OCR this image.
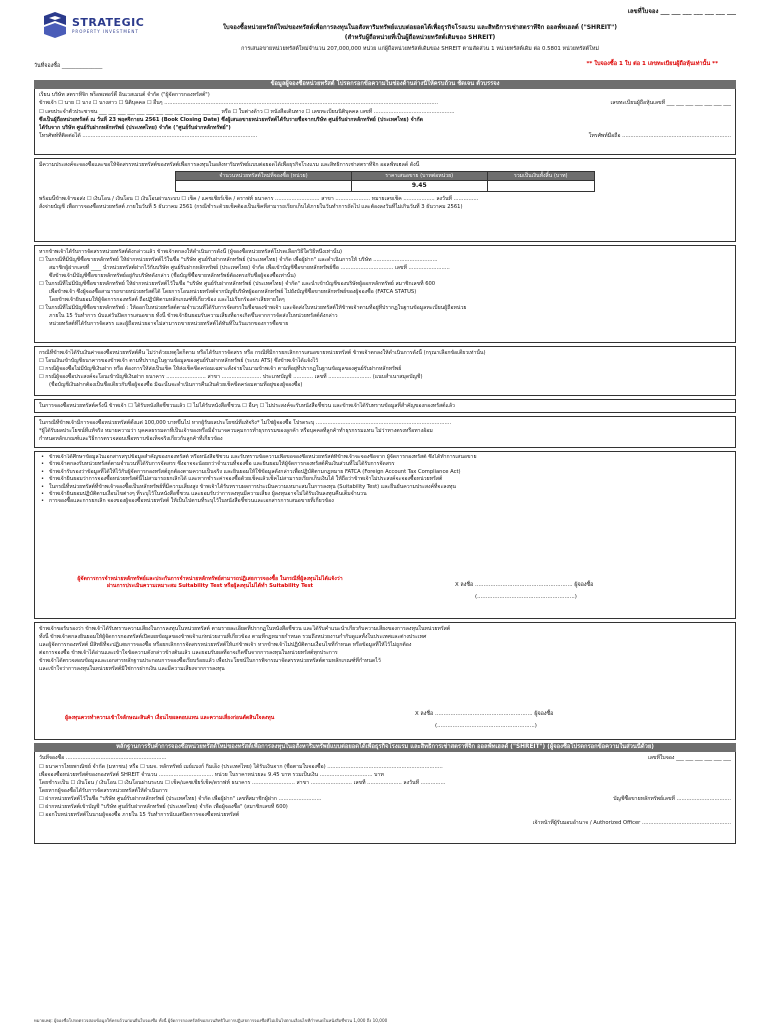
STRATEGIC
PROPERTY INVESTMENT
เลขที่ใบจอง ___ ___ ___ ___ ___ ___ ___
ใบจองซื้อหน่วยทรัสต์ใหม่ของทรัสต์เพื่อการลงทุนในอสังหาริมทรัพย์แบบต่อยอดได้เพื่อธุรกิจโรงแรม และสิทธิการเช่าสตราทีจิก ออลฟ์ทเฮลด์ ("SHREIT")
(สำหรับผู้ถือหน่วยที่เป็นผู้ถือหน่วยทรัสต์เดิมของ SHREIT)
การเสนอขายหน่วยทรัสต์ใหม่จำนวน 207,000,000 หน่วย แก่ผู้ถือหน่วยทรัสต์เดิมของ SHREIT ตามสัดส่วน 1 หน่วยทรัสต์เดิม ต่อ 0.5801 หน่วยทรัสต์ใหม่
วันที่จองซื้อ _______________	** ใบจองซื้อ 1 ใบ ต่อ 1 เลขทะเบียนผู้ถือหุ้นเท่านั้น **
ข้อมูลผู้จองซื้อหน่วยทรัสต์ โปรดกรอกข้อความในช่องด้านล่างนี้ให้ครบถ้วน ชัดเจน ตัวบรรจง
เรียน บริษัท สตราทีจิก พร็อพเพอร์ตี้ อินเวสเมนต์ จำกัด ("ผู้จัดการกองทรัสต์")
ข้าพเจ้า ☐ นาย ☐ นาง ☐ นางสาว ☐ นิติบุคคล ☐ อื่นๆ ......................................................................................................................................................................	เลขทะเบียนผู้ถือหุ้นเลขที่ ___ ___ ___ ___ ___ ___ ___
☐ เลขประจำตัวประชาชน ___ ___ ___ ___ ___ ___ ___ ___ ___ ___ ___ ___ ___ หรือ ☐ ใบต่างด้าว ☐ หนังสือเดินทาง ☐ เลขทะเบียนนิติบุคคล เลขที่ .................................................
ซึ่งเป็นผู้ถือหน่วยทรัสต์ ณ วันที่ 23 พฤศจิกายน 2561 (Book Closing Date) ซึ่งผู้เสนอขายหน่วยทรัสต์ได้รับรายชื่อจากบริษัท ศูนย์รับฝากหลักทรัพย์ (ประเทศไทย) จำกัด
ได้รับจาก บริษัท ศูนย์รับฝากหลักทรัพย์ (ประเทศไทย) จำกัด ("ศูนย์รับฝากหลักทรัพย์")
โทรศัพท์ที่ติดต่อได้ ..........................................................................................................	โทรศัพท์มือถือ ..................................................................
มีความประสงค์จะจองซื้อและขอให้จัดสรรหน่วยทรัสต์ของทรัสต์เพื่อการลงทุนในอสังหาริมทรัพย์แบบต่อยอดได้เพื่อธุรกิจโรงแรม และสิทธิการเช่าสตราทีจิก ออลฟ์ทเฮลด์ ดังนี้
จำนวนหน่วยทรัสต์ใหม่ที่จองซื้อ (หน่วย)	ราคาเสนอขาย (บาทต่อหน่วย)	รวมเป็นเงินทั้งสิ้น (บาท)
	9.45	
พร้อมนี้ข้าพเจ้าขอส่ง ☐ เงินโอน / เงินโอน ☐ เงินโอนผ่านระบบ ☐ เช็ค / แคชเชียร์เช็ค / ดราฟท์ ธนาคาร ........................... สาขา ..................... หมายเลขเช็ค ................... ลงวันที่ ...............
สั่งจ่ายบัญชี เพื่อการจองซื้อหน่วยทรัสต์ ภายในวันที่ 5 ธันวาคม 2561 (กรณีชำระด้วยเช็คต้องเป็นเช็คที่สามารถเรียกเก็บได้ภายในวันทำการถัดไป และต้องลงวันที่ไม่เกินวันที่ 3 ธันวาคม 2561)
หากข้าพเจ้าได้รับการจัดสรรหน่วยทรัสต์ดังกล่าวแล้ว ข้าพเจ้าตกลงให้ดำเนินการดังนี้ (ผู้จองซื้อหน่วยทรัสต์โปรดเลือกวิธีใดวิธีหนึ่งเท่านั้น)
☐ ในกรณีที่มีบัญชีซื้อขายหลักทรัพย์ ให้ฝากหน่วยทรัสต์ไว้ในชื่อ "บริษัท ศูนย์รับฝากหลักทรัพย์ (ประเทศไทย) จำกัด เพื่อผู้ฝาก" และดำเนินการให้ บริษัท .......................................
สมาชิกผู้ฝากเลขที่ ____ นำหน่วยทรัสต์ฝากไว้กับบริษัท ศูนย์รับฝากหลักทรัพย์ (ประเทศไทย) จำกัด เพื่อเข้าบัญชีซื้อขายหลักทรัพย์ชื่อ ................................ เลขที่ .........................
ซึ่งข้าพเจ้ามีบัญชีซื้อขายหลักทรัพย์อยู่กับบริษัทดังกล่าว (ชื่อบัญชีซื้อขายหลักทรัพย์ต้องตรงกับชื่อผู้จองซื้อเท่านั้น)
☐ ในกรณีที่ไม่มีบัญชีซื้อขายหลักทรัพย์ ให้ฝากหน่วยทรัสต์ไว้ในชื่อ "บริษัท ศูนย์รับฝากหลักทรัพย์ (ประเทศไทย) จำกัด" และนำเข้าบัญชีของบริษัทผู้ออกหลักทรัพย์ สมาชิกเลขที่ 600
เพื่อข้าพเจ้า ซึ่งผู้จองซื้อสามารถขายหน่วยทรัสต์ได้ โดยการโอนหน่วยทรัสต์จากบัญชีบริษัทผู้ออกหลักทรัพย์ ไปยังบัญชีซื้อขายหลักทรัพย์ของผู้จองซื้อ (FATCA STATUS)
โดยข้าพเจ้ายินยอมให้ผู้จัดการกองทรัสต์ ถือปฏิบัติตามหลักเกณฑ์ที่เกี่ยวข้อง และไม่เรียกร้องค่าเสียหายใดๆ
☐ ในกรณีที่ไม่มีบัญชีซื้อขายหลักทรัพย์ : ให้ออกใบหน่วยทรัสต์ตามจำนวนที่ได้รับการจัดสรรในชื่อของข้าพเจ้า และจัดส่งใบหน่วยทรัสต์ให้ข้าพเจ้าตามที่อยู่ที่ปรากฏในฐานข้อมูลทะเบียนผู้ถือหน่วย
ภายใน 15 วันทำการ นับแต่วันปิดการเสนอขาย ทั้งนี้ ข้าพเจ้ายินยอมรับความเสี่ยงที่อาจเกิดขึ้นจากการจัดส่งใบหน่วยทรัสต์ดังกล่าว
หน่วยทรัสต์ที่ได้รับการจัดสรร และผู้ถือหน่วยอาจไม่สามารถขายหน่วยทรัสต์ได้ทันทีในวันแรกของการซื้อขาย
กรณีที่ข้าพเจ้าได้รับเงินค่าจองซื้อหน่วยทรัสต์คืน ไม่ว่าด้วยเหตุใดก็ตาม หรือได้รับการจัดสรร หรือ กรณีที่มีการยกเลิกการเสนอขายหน่วยทรัสต์ ข้าพเจ้าตกลงให้ดำเนินการดังนี้ (กรุณาเลือกข้อเดียวเท่านั้น)
☐ โอนเงินเข้าบัญชีธนาคารของข้าพเจ้า ตามที่ปรากฏในฐานข้อมูลของศูนย์รับฝากหลักทรัพย์ (ระบบ ATS) ซึ่งข้าพเจ้าได้แจ้งไว้
☐ กรณีผู้จองซื้อไม่มีบัญชีเงินฝาก หรือ ต้องการให้ส่งเป็นเช็ค ให้ส่งเช็คขีดคร่อมเฉพาะสั่งจ่ายในนามข้าพเจ้า ตามที่อยู่ที่ปรากฏในฐานข้อมูลของศูนย์รับฝากหลักทรัพย์
☐ กรณีผู้จองซื้อประสงค์จะโอนเข้าบัญชีเงินฝาก ธนาคาร ........................ สาขา ........................ ประเภทบัญชี ............ เลขที่ .......................... (แนบสำเนาสมุดบัญชี)
(ชื่อบัญชีเงินฝากต้องเป็นชื่อเดียวกับชื่อผู้จองซื้อ มิฉะนั้นจะดำเนินการคืนเงินด้วยเช็คขีดคร่อมตามที่อยู่ของผู้จองซื้อ)
ในการจองซื้อหน่วยทรัสต์ครั้งนี้ ข้าพเจ้า ☐ ได้รับหนังสือชี้ชวนแล้ว ☐ ไม่ได้รับหนังสือชี้ชวน ☐ อื่นๆ ☐ ไม่ประสงค์จะรับหนังสือชี้ชวน และข้าพเจ้าได้รับทราบข้อมูลที่สำคัญของกองทรัสต์แล้ว
ในกรณีที่ข้าพเจ้ามีการจองซื้อหน่วยทรัสต์ตั้งแต่ 100,000 บาทขึ้นไป หากผู้รับผลประโยชน์ที่แท้จริง* ไม่ใช่ผู้จองซื้อ โปรดระบุ ..................................................................................
*ผู้ได้รับผลประโยชน์ที่แท้จริง หมายความว่า บุคคลธรรมดาที่เป็นเจ้าของหรือมีอำนาจควบคุมการทำธุรกรรมของลูกค้า หรือบุคคลที่ลูกค้าทำธุรกรรมแทน ไม่ว่าทางตรงหรือทางอ้อม
กำหนดหลักเกณฑ์และวิธีการตรวจสอบเพื่อทราบข้อเท็จจริงเกี่ยวกับลูกค้าที่เกี่ยวข้อง
• ข้าพเจ้าได้ศึกษาข้อมูลในเอกสารสรุปข้อมูลสำคัญของกองทรัสต์ หรือหนังสือชี้ชวน และรับทราบข้อความเพื่อขอจองซื้อหน่วยทรัสต์ที่ข้าพเจ้าจะจองซื้อจาก ผู้จัดการกองทรัสต์ ซึ่งได้ทำการเสนอขาย
• ข้าพเจ้าตกลงรับหน่วยทรัสต์ตามจำนวนที่ได้รับการจัดสรร ซึ่งอาจจะน้อยกว่าจำนวนที่จองซื้อ และยินยอมให้ผู้จัดการกองทรัสต์คืนเงินส่วนที่ไม่ได้รับการจัดสรร
• ข้าพเจ้ารับรองว่าข้อมูลที่ได้ให้ไว้กับผู้จัดการกองทรัสต์ถูกต้องตามความเป็นจริง และยินยอมให้ใช้ข้อมูลดังกล่าวเพื่อปฏิบัติตามกฎหมาย FATCA (Foreign Account Tax Compliance Act)
• ข้าพเจ้ายินยอมว่าการจองซื้อหน่วยทรัสต์นี้ไม่สามารถยกเลิกได้ และหากชำระค่าจองซื้อด้วยเช็คแล้วเช็คไม่สามารถเรียกเก็บเงินได้ ให้ถือว่าข้าพเจ้าไม่ประสงค์จะจองซื้อหน่วยทรัสต์
• ในกรณีที่หน่วยทรัสต์ที่ข้าพเจ้าจองซื้อเป็นหลักทรัพย์ที่มีความเสี่ยงสูง ข้าพเจ้าได้รับทราบผลการประเมินความเหมาะสมในการลงทุน (Suitability Test) และยืนยันความประสงค์ที่จะลงทุน
• ข้าพเจ้ายินยอมปฏิบัติตามเงื่อนไขต่างๆ ที่ระบุไว้ในหนังสือชี้ชวน และยอมรับว่าการลงทุนมีความเสี่ยง ผู้ลงทุนอาจไม่ได้รับเงินลงทุนคืนเต็มจำนวน
• การจองซื้อและการยกเลิก จองของผู้จองซื้อหน่วยทรัสต์ ให้เป็นไปตามที่ระบุไว้ในหนังสือชี้ชวนและเอกสารการเสนอขายที่เกี่ยวข้อง
ผู้จัดการการจำหน่ายหลักทรัพย์และประกันการจำหน่ายหลักทรัพย์สามารถปฏิเสธการจองซื้อ ในกรณีที่ผู้ลงทุนไม่ได้แจ้งว่าผ่านการประเมินความเหมาะสม Suitability Test หรือผู้ลงทุนไม่ได้ทำ Suitability Test	X ลงชื่อ ......................................................... ผู้จองซื้อ
(.........................................................)
ข้าพเจ้าขอรับรองว่า ข้าพเจ้าได้รับทราบความเสี่ยงในการลงทุนในหน่วยทรัสต์ ตามรายละเอียดที่ปรากฏในหนังสือชี้ชวน และได้รับคำแนะนำเกี่ยวกับความเสี่ยงของการลงทุนในหน่วยทรัสต์
ทั้งนี้ ข้าพเจ้าตกลงยินยอมให้ผู้จัดการกองทรัสต์เปิดเผยข้อมูลของข้าพเจ้าแก่หน่วยงานที่เกี่ยวข้อง ตามที่กฎหมายกำหนด รวมถึงหน่วยงานกำกับดูแลทั้งในประเทศและต่างประเทศ
และผู้จัดการกองทรัสต์ มีสิทธิที่จะปฏิเสธการจองซื้อ หรือยกเลิกการจัดสรรหน่วยทรัสต์ให้แก่ข้าพเจ้า หากข้าพเจ้าไม่ปฏิบัติตามเงื่อนไขที่กำหนด หรือข้อมูลที่ให้ไว้ไม่ถูกต้อง
ต่อการจองซื้อ ข้าพเจ้าได้อ่านและเข้าใจข้อความดังกล่าวข้างต้นแล้ว และยอมรับผลที่อาจเกิดขึ้นจากการลงทุนในหน่วยทรัสต์ทุกประการ
ข้าพเจ้าได้ตรวจสอบข้อมูลและเอกสารหลักฐานประกอบการจองซื้อเรียบร้อยแล้ว เพื่อประโยชน์ในการพิจารณาจัดสรรหน่วยทรัสต์ตามหลักเกณฑ์ที่กำหนดไว้
และเข้าใจว่าการลงทุนในหน่วยทรัสต์มิใช่การฝากเงิน และมีความเสี่ยงจากการลงทุน
ผู้ลงทุนควรทำความเข้าใจลักษณะสินค้า เงื่อนไขผลตอบแทน และความเสี่ยงก่อนตัดสินใจลงทุน
X ลงชื่อ ......................................................... ผู้จองซื้อ
(.........................................................)
หลักฐานการรับคำการจองซื้อหน่วยทรัสต์ใหม่ของทรัสต์เพื่อการลงทุนในอสังหาริมทรัพย์แบบต่อยอดได้เพื่อธุรกิจโรงแรม และสิทธิการเช่าสตราทีจิก ออลฟ์ทเฮลด์ ("SHREIT") (ผู้จองซื้อโปรดกรอกข้อความในส่วนนี้ด้วย)
วันที่จองซื้อ .............................................................	เลขที่ใบจอง ___ ___ ___ ___ ___ ___
☐ ธนาคารไทยพาณิชย์ จำกัด (มหาชน) หรือ ☐ บมจ. หลักทรัพย์ เมย์แบงก์ กิมเอ็ง (ประเทศไทย) ได้รับเงินจาก (ชื่อตามใบจองซื้อ) ......................................................................
เพื่อจองซื้อหน่วยทรัสต์ของกองทรัสต์ SHREIT จำนวน ................................. หน่วย ในราคาหน่วยละ 9.45 บาท รวมเป็นเงิน ................................ บาท
โดยชำระเป็น ☐ เงินโอน / เงินโอน ☐ เงินโอนผ่านระบบ ☐ เช็ค/แคชเชียร์เช็ค/ดราฟท์ ธนาคาร .......................... สาขา ......................... เลขที่ ..................... ลงวันที่ ...............
โดยหากผู้จองซื้อได้รับการจัดสรรหน่วยทรัสต์ให้ดำเนินการ
☐ ฝากหน่วยทรัสต์ไว้ในชื่อ "บริษัท ศูนย์รับฝากหลักทรัพย์ (ประเทศไทย) จำกัด เพื่อผู้ฝาก" เลขที่สมาชิกผู้ฝาก ..........................	บัญชีซื้อขายหลักทรัพย์เลขที่ .................................
☐ ฝากหน่วยทรัสต์เข้าบัญชี "บริษัท ศูนย์รับฝากหลักทรัพย์ (ประเทศไทย) จำกัด เพื่อผู้จองซื้อ" (สมาชิกเลขที่ 600)
☐ ออกใบหน่วยทรัสต์ในนามผู้จองซื้อ ภายใน 15 วันทำการนับแต่ปิดการจองซื้อหน่วยทรัสต์
เจ้าหน้าที่ผู้รับมอบอำนาจ / Authorized Officer ......................................................
หมายเหตุ: ผู้จองซื้อโปรดตรวจสอบข้อมูลให้ครบถ้วนก่อนยื่นใบจองซื้อ ทั้งนี้ ผู้จัดการกองทรัสต์ขอสงวนสิทธิในการปฏิเสธการจองซื้อที่ไม่เป็นไปตามเงื่อนไขที่กำหนดในหนังสือชี้ชวน 1,000 ถึง 10,000
